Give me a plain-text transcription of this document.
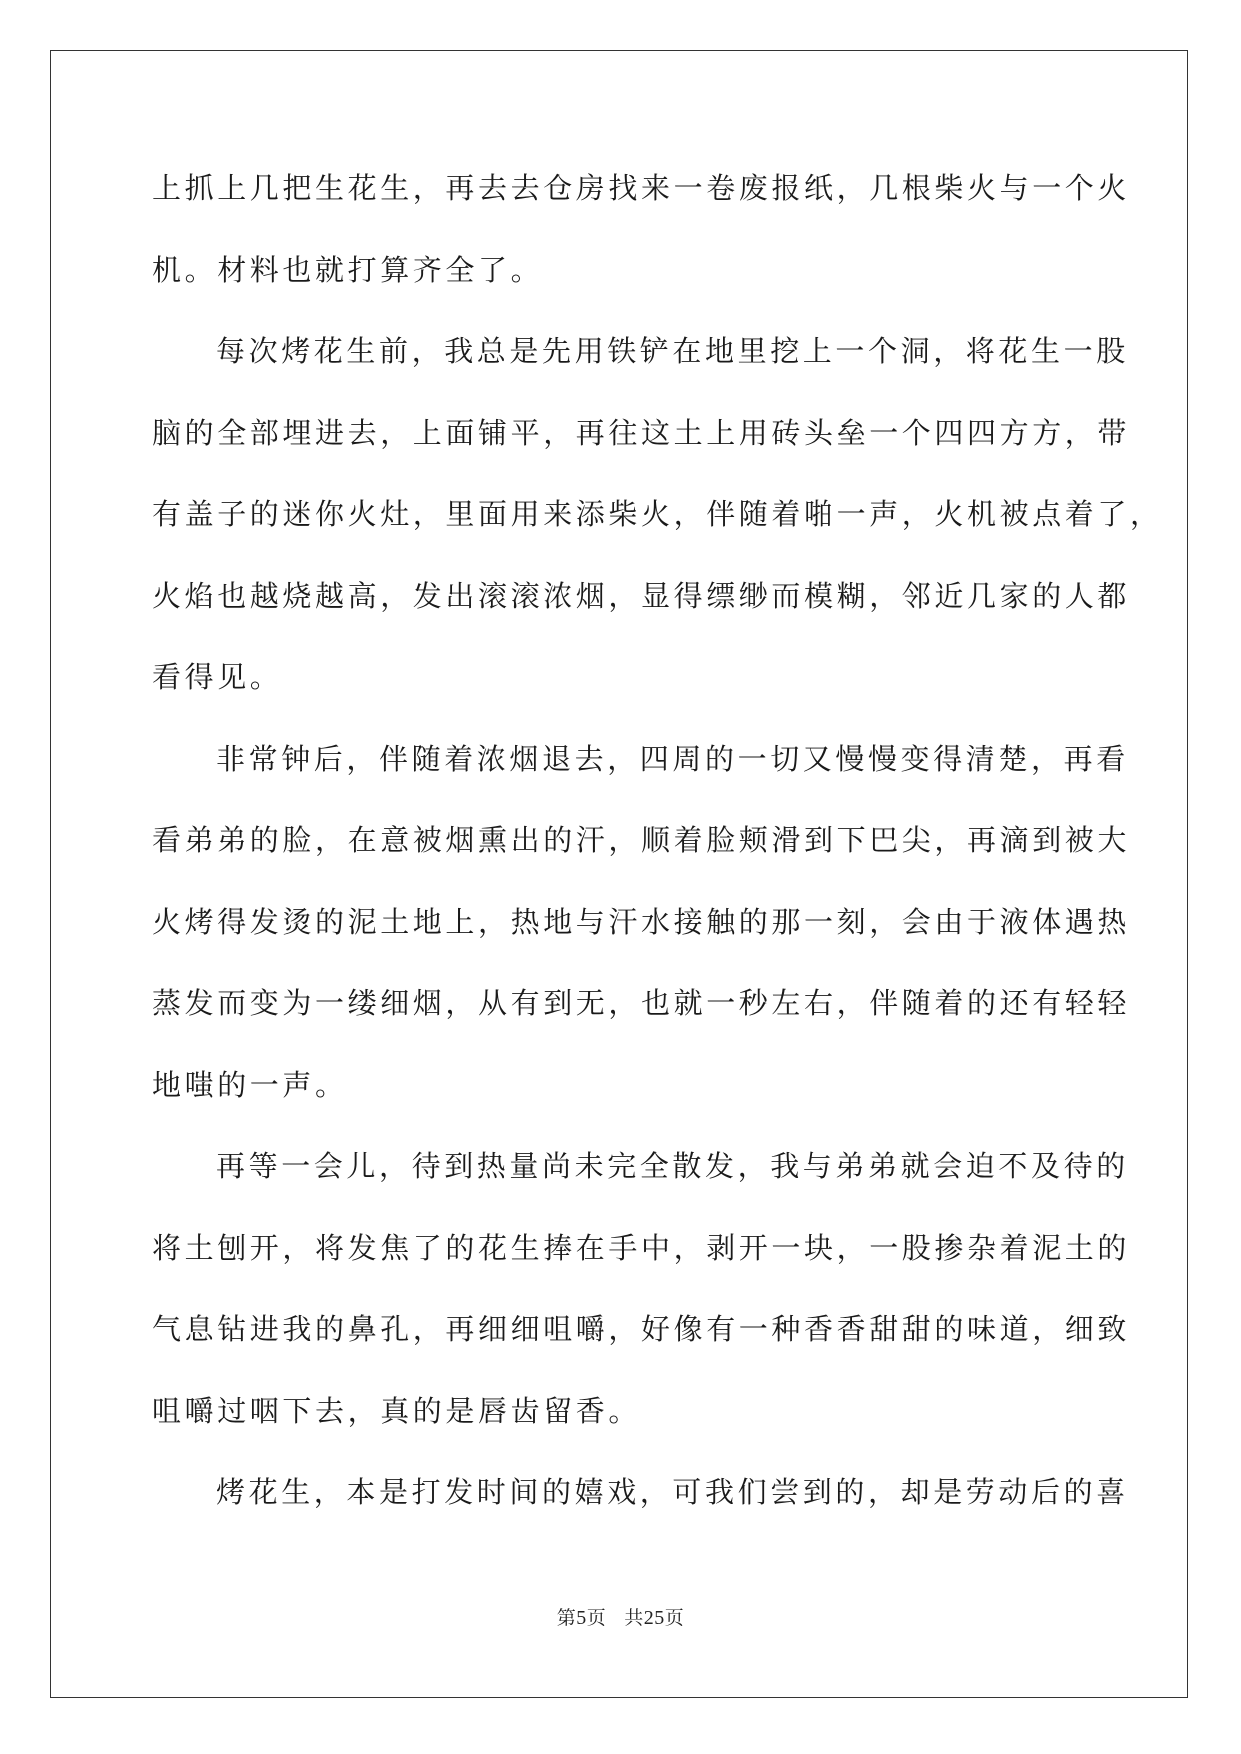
上抓上几把生花生，再去去仓房找来一卷废报纸，几根柴火与一个火
机。材料也就打算齐全了。
每次烤花生前，我总是先用铁铲在地里挖上一个洞，将花生一股
脑的全部埋进去，上面铺平，再往这土上用砖头垒一个四四方方，带
有盖子的迷你火灶，里面用来添柴火，伴随着啪一声，火机被点着了，
火焰也越烧越高，发出滚滚浓烟，显得缥缈而模糊，邻近几家的人都
看得见。
非常钟后，伴随着浓烟退去，四周的一切又慢慢变得清楚，再看
看弟弟的脸，在意被烟熏出的汗，顺着脸颊滑到下巴尖，再滴到被大
火烤得发烫的泥土地上，热地与汗水接触的那一刻，会由于液体遇热
蒸发而变为一缕细烟，从有到无，也就一秒左右，伴随着的还有轻轻
地嗤的一声。
再等一会儿，待到热量尚未完全散发，我与弟弟就会迫不及待的
将土刨开，将发焦了的花生捧在手中，剥开一块，一股掺杂着泥土的
气息钻进我的鼻孔，再细细咀嚼，好像有一种香香甜甜的味道，细致
咀嚼过咽下去，真的是唇齿留香。
烤花生，本是打发时间的嬉戏，可我们尝到的，却是劳动后的喜
第5页 共25页
